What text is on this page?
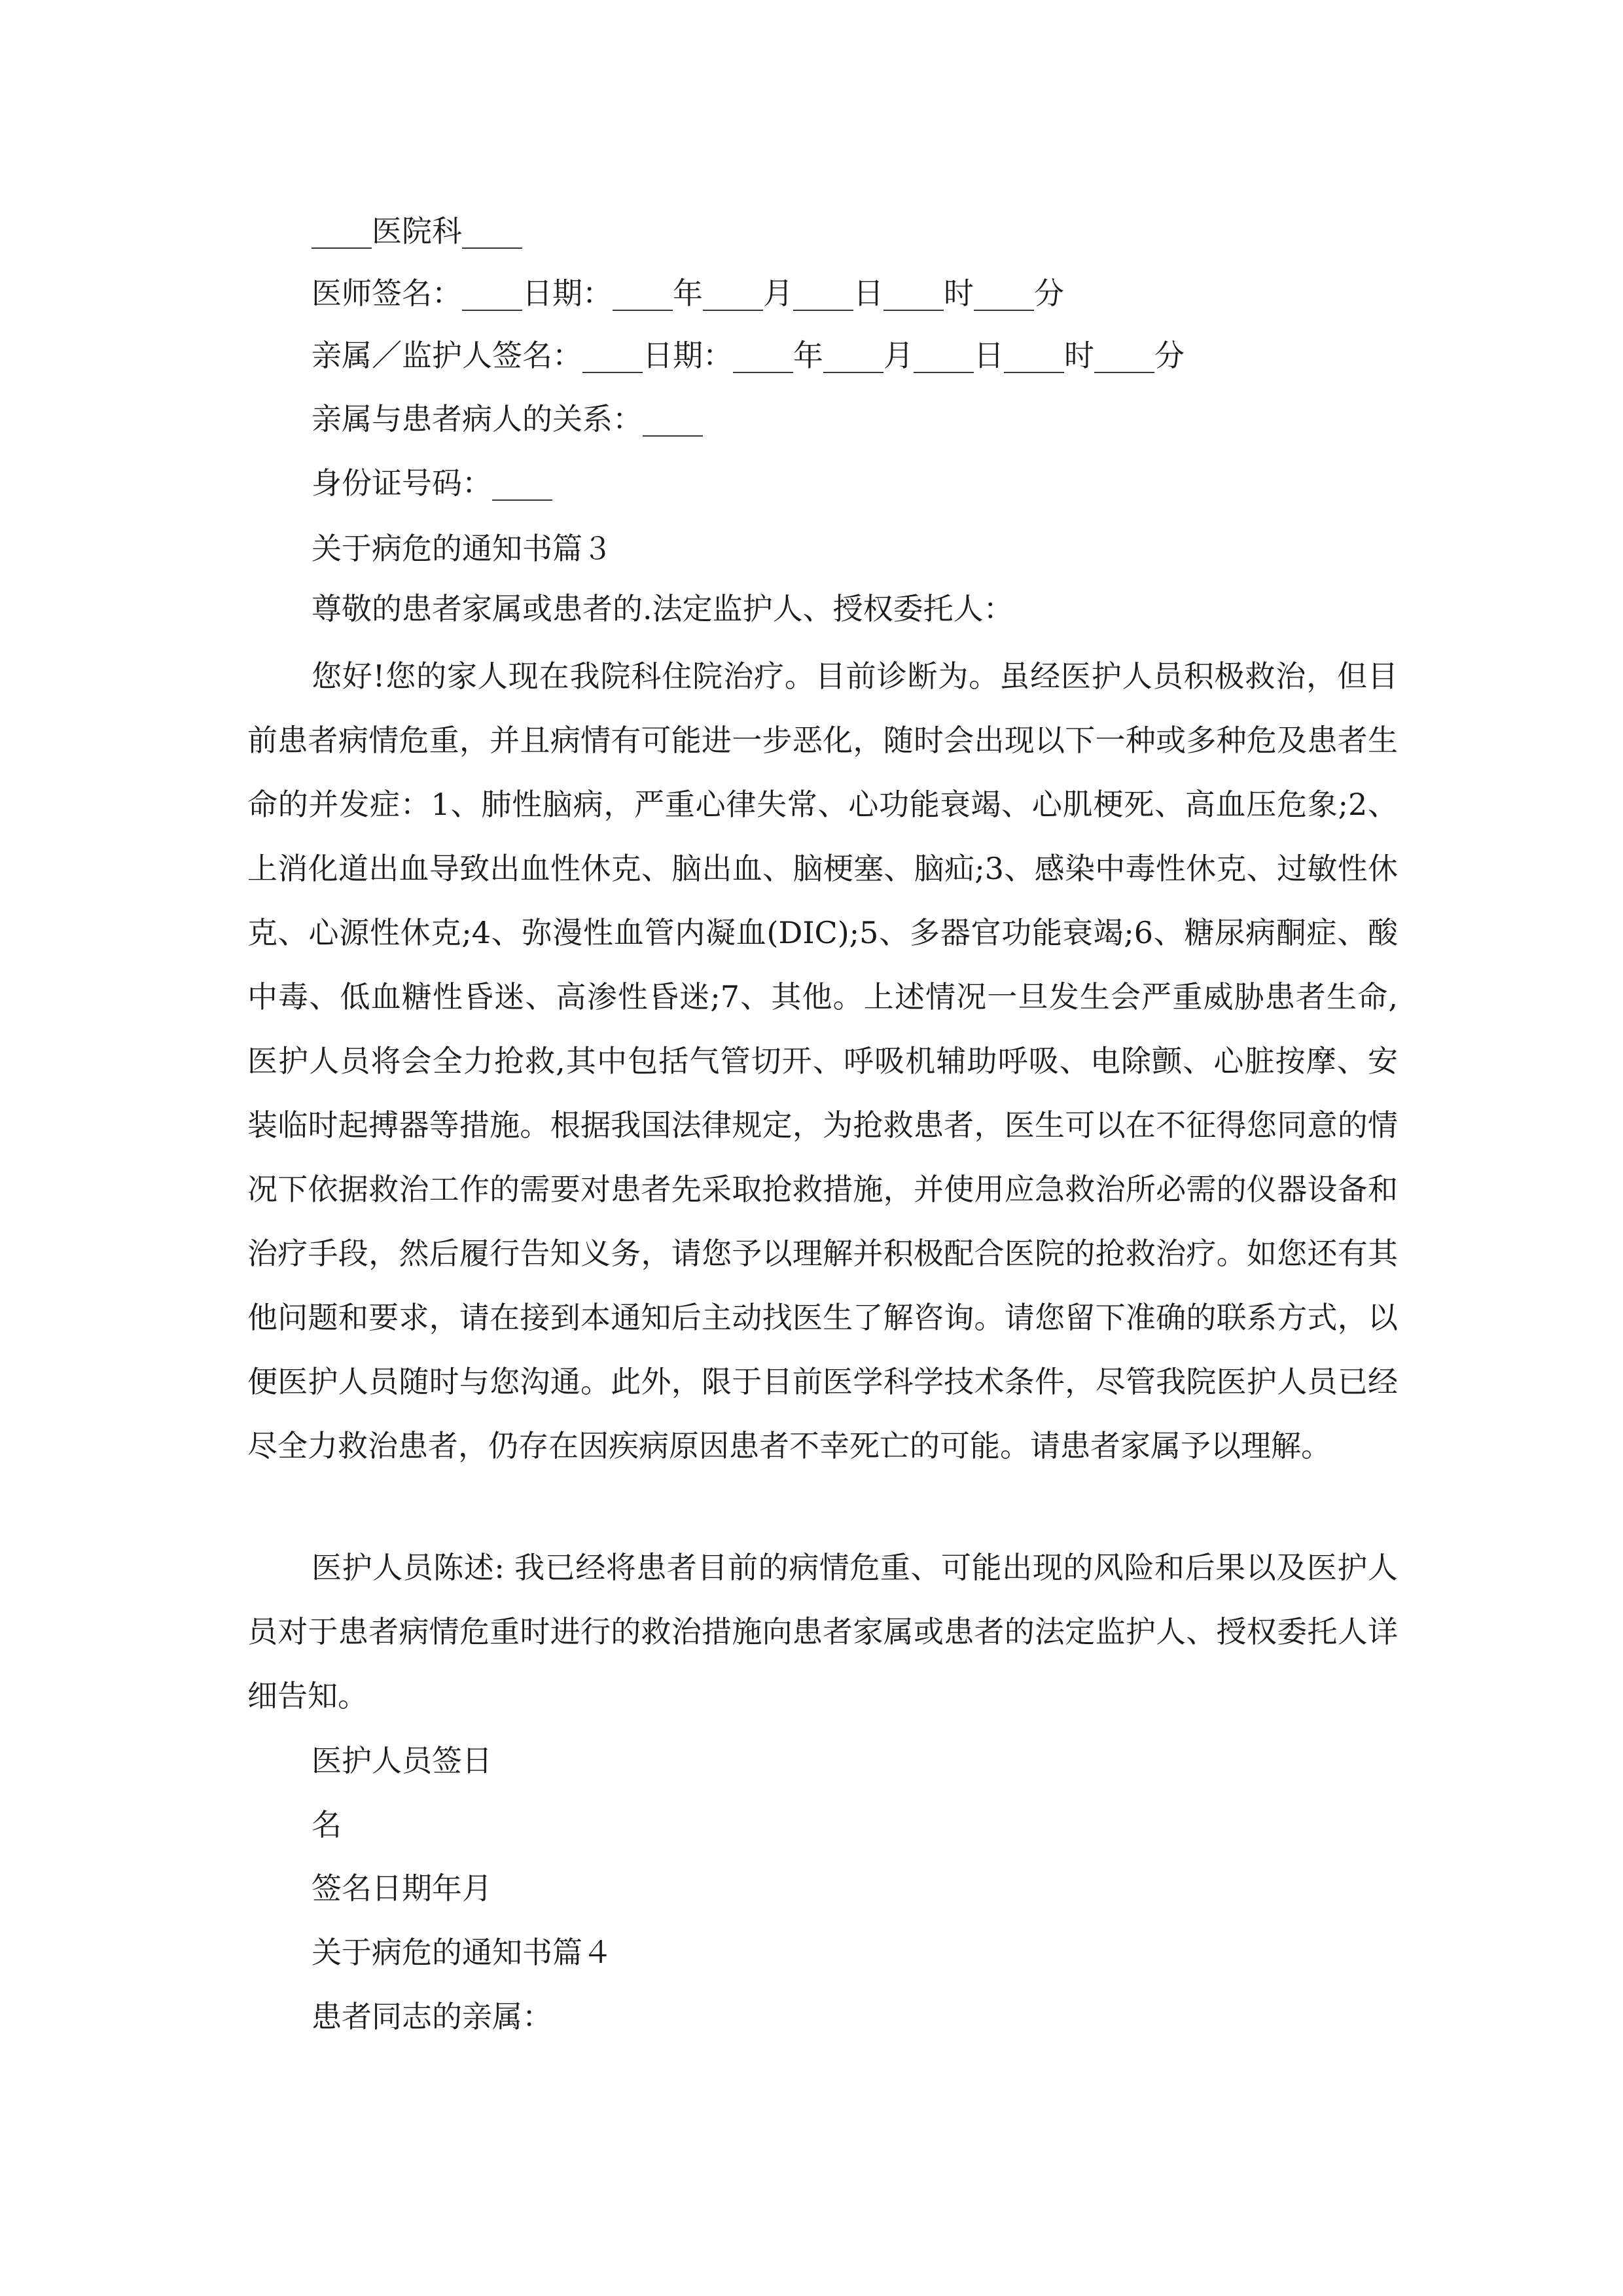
____医院科____
医师签名：____日期：____年____月____日____时____分
亲属／监护人签名：____日期：____年____月____日____时____分
亲属与患者病人的关系：____
身份证号码：____
关于病危的通知书篇３
尊敬的患者家属或患者的.法定监护人、授权委托人：

您好!您的家人现在我院科住院治疗。目前诊断为。虽经医护人员积极救治，但目前患者病情危重，并且病情有可能进一步恶化，随时会出现以下一种或多种危及患者生命的并发症：1、肺性脑病，严重心律失常、心功能衰竭、心肌梗死、高血压危象;2、上消化道出血导致出血性休克、脑出血、脑梗塞、脑疝;3、感染中毒性休克、过敏性休克、心源性休克;4、弥漫性血管内凝血(DIC);5、多器官功能衰竭;6、糖尿病酮症、酸中毒、低血糖性昏迷、高渗性昏迷;7、其他。上述情况一旦发生会严重威胁患者生命,医护人员将会全力抢救,其中包括气管切开、呼吸机辅助呼吸、电除颤、心脏按摩、安装临时起搏器等措施。根据我国法律规定，为抢救患者，医生可以在不征得您同意的情况下依据救治工作的需要对患者先采取抢救措施，并使用应急救治所必需的仪器设备和治疗手段，然后履行告知义务，请您予以理解并积极配合医院的抢救治疗。如您还有其他问题和要求，请在接到本通知后主动找医生了解咨询。请您留下准确的联系方式，以便医护人员随时与您沟通。此外，限于目前医学科学技术条件，尽管我院医护人员已经尽全力救治患者，仍存在因疾病原因患者不幸死亡的可能。请患者家属予以理解。

医护人员陈述: 我已经将患者目前的病情危重、可能出现的风险和后果以及医护人员对于患者病情危重时进行的救治措施向患者家属或患者的法定监护人、授权委托人详细告知。

医护人员签日
名
签名日期年月
关于病危的通知书篇４
患者同志的亲属：
